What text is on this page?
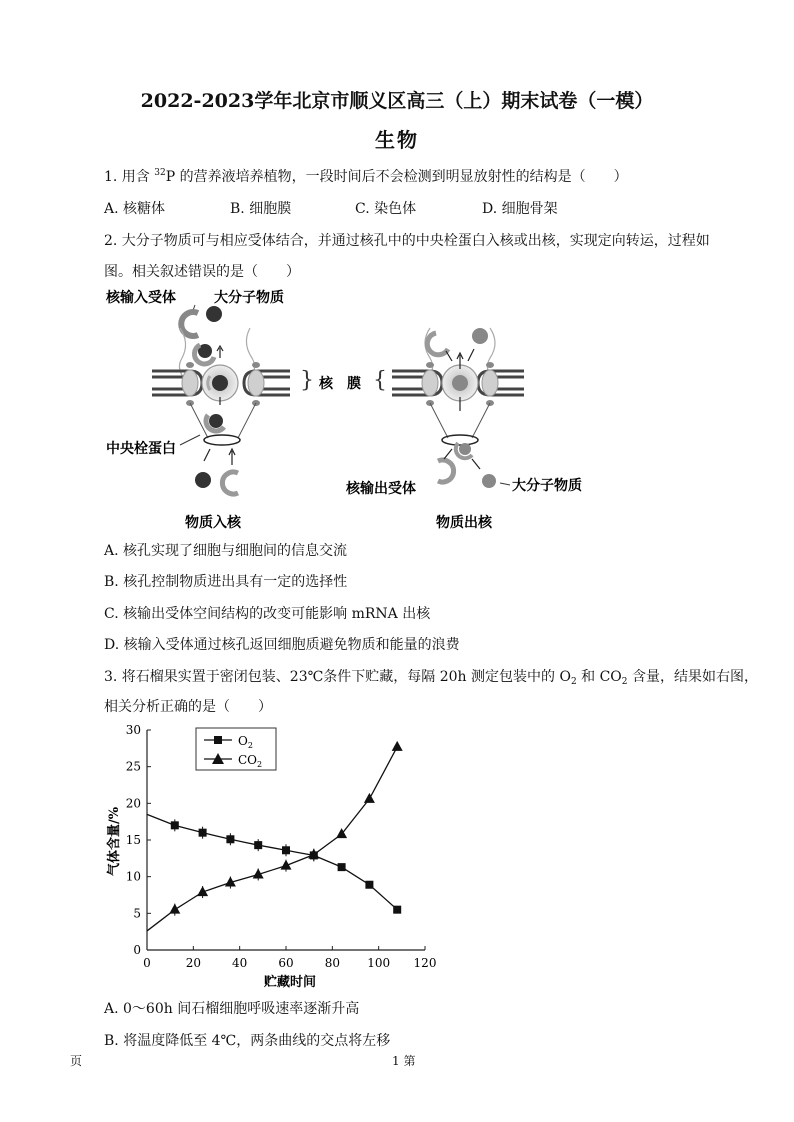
2022-2023学年北京市顺义区高三（上）期末试卷（一模）
生物
1. 用含 $^{32}$P 的营养液培养植物，一段时间后不会检测到明显放射性的结构是（　　）
A. 核糖体	B. 细胞膜	C. 染色体	D. 细胞骨架
2. 大分子物质可与相应受体结合，并通过核孔中的中央栓蛋白入核或出核，实现定向转运，过程如
图。相关叙述错误的是（　　）
核输入受体	大分子物质
中央栓蛋白
物质入核
} 核　膜 {
核输出受体	大分子物质
物质出核
A. 核孔实现了细胞与细胞间的信息交流
B. 核孔控制物质进出具有一定的选择性
C. 核输出受体空间结构的改变可能影响 mRNA 出核
D. 核输入受体通过核孔返回细胞质避免物质和能量的浪费
3. 将石榴果实置于密闭包装、23℃条件下贮藏，每隔 20h 测定包装中的 $O_2$ 和 $CO_2$ 含量，结果如右图，
相关分析正确的是（　　）
0
5
10
15
20
25
30
0	20	40	60	80 100 120
气体含量/%
贮藏时间
$O_2$
$CO_2$
A. 0～60h 间石榴细胞呼吸速率逐渐升高
B. 将温度降低至 4℃，两条曲线的交点将左移
页	1 第
